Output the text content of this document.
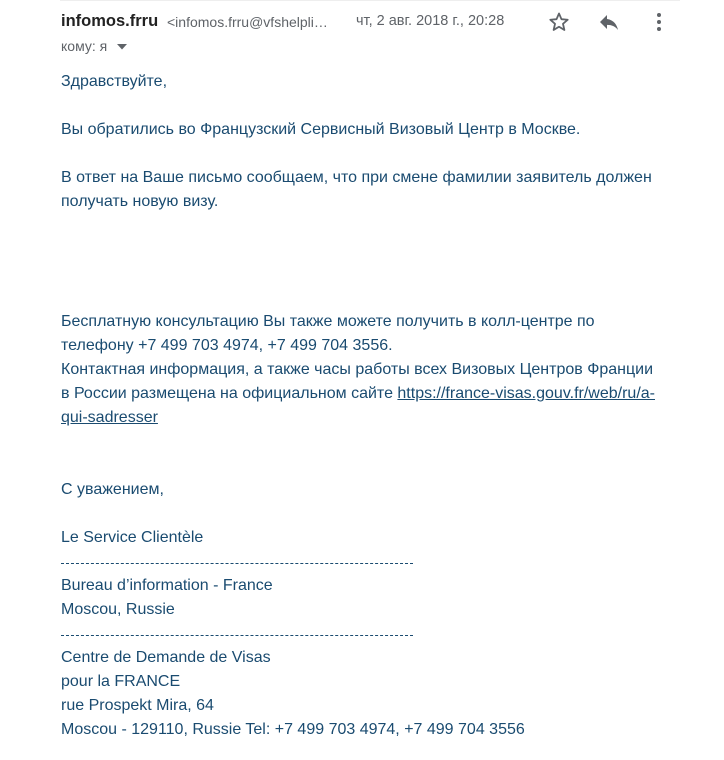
infomos.frru <infomos.frru@vfshelpli…	чт, 2 авг. 2018 г., 20:28
кому: я
Здравствуйте,
Вы обратились во Французский Сервисный Визовый Центр в Москве.
В ответ на Ваше письмо сообщаем, что при смене фамилии заявитель должен
получать новую визу.
Бесплатную консультацию Вы также можете получить в колл-центре по
телефону +7 499 703 4974, +7 499 704 3556.
Контактная информация, а также часы работы всех Визовых Центров Франции
в России размещена на официальном сайте https://france-visas.gouv.fr/web/ru/a-
qui-sadresser
С уважением,
Le Service Clientèle
Bureau d’information - France
Moscou, Russie
Centre de Demande de Visas
pour la FRANCE
rue Prospekt Mira, 64
Moscou - 129110, Russie Tel: +7 499 703 4974, +7 499 704 3556
